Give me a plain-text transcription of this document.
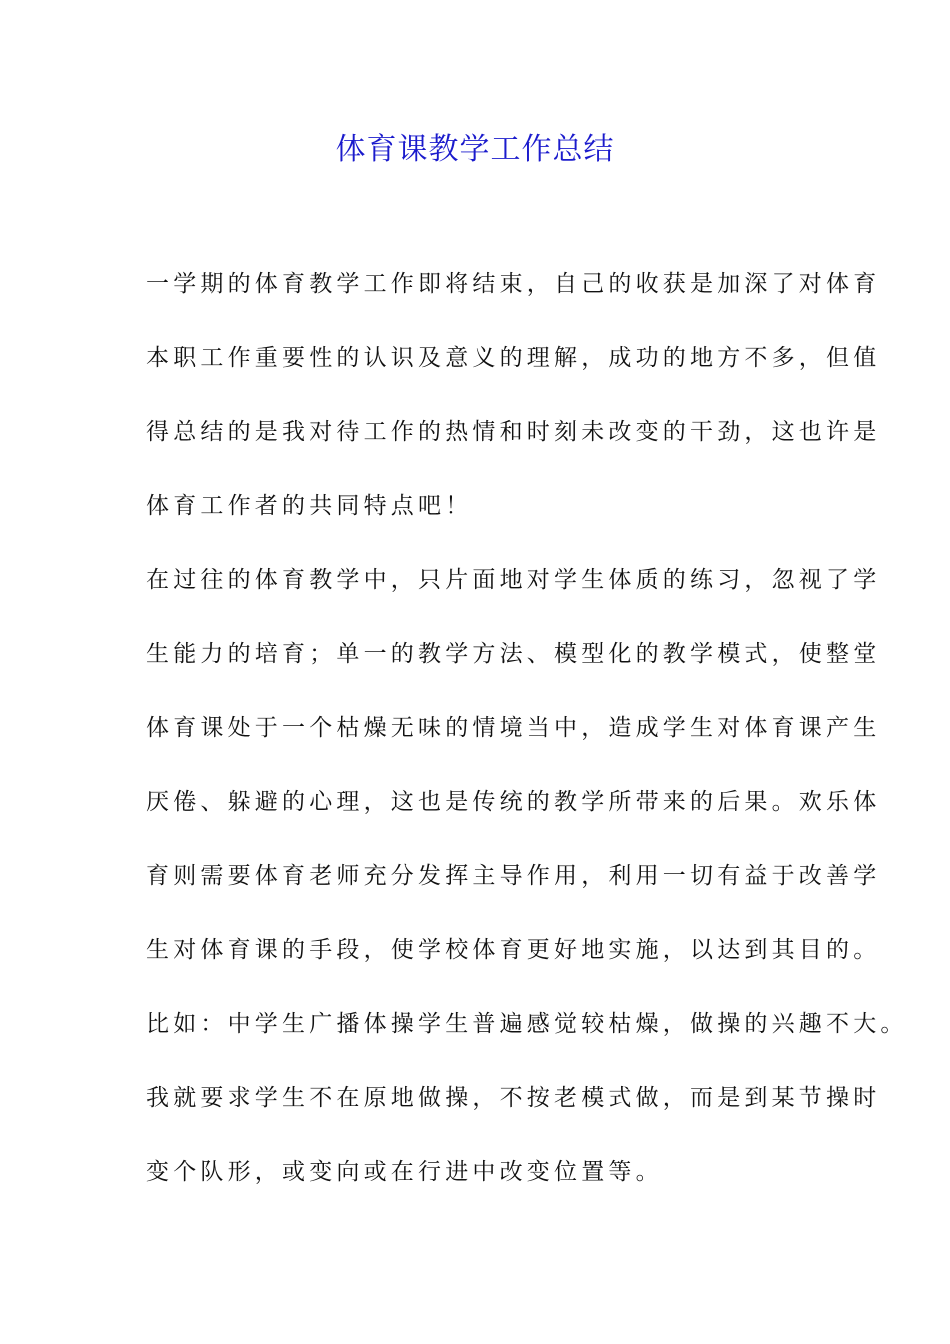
体育课教学工作总结
一学期的体育教学工作即将结束，自己的收获是加深了对体育
本职工作重要性的认识及意义的理解，成功的地方不多，但值
得总结的是我对待工作的热情和时刻未改变的干劲，这也许是
体育工作者的共同特点吧！
在过往的体育教学中，只片面地对学生体质的练习，忽视了学
生能力的培育；单一的教学方法、模型化的教学模式，使整堂
体育课处于一个枯燥无味的情境当中，造成学生对体育课产生
厌倦、躲避的心理，这也是传统的教学所带来的后果。欢乐体
育则需要体育老师充分发挥主导作用，利用一切有益于改善学
生对体育课的手段，使学校体育更好地实施，以达到其目的。
比如：中学生广播体操学生普遍感觉较枯燥，做操的兴趣不大。
我就要求学生不在原地做操，不按老模式做，而是到某节操时
变个队形，或变向或在行进中改变位置等。
